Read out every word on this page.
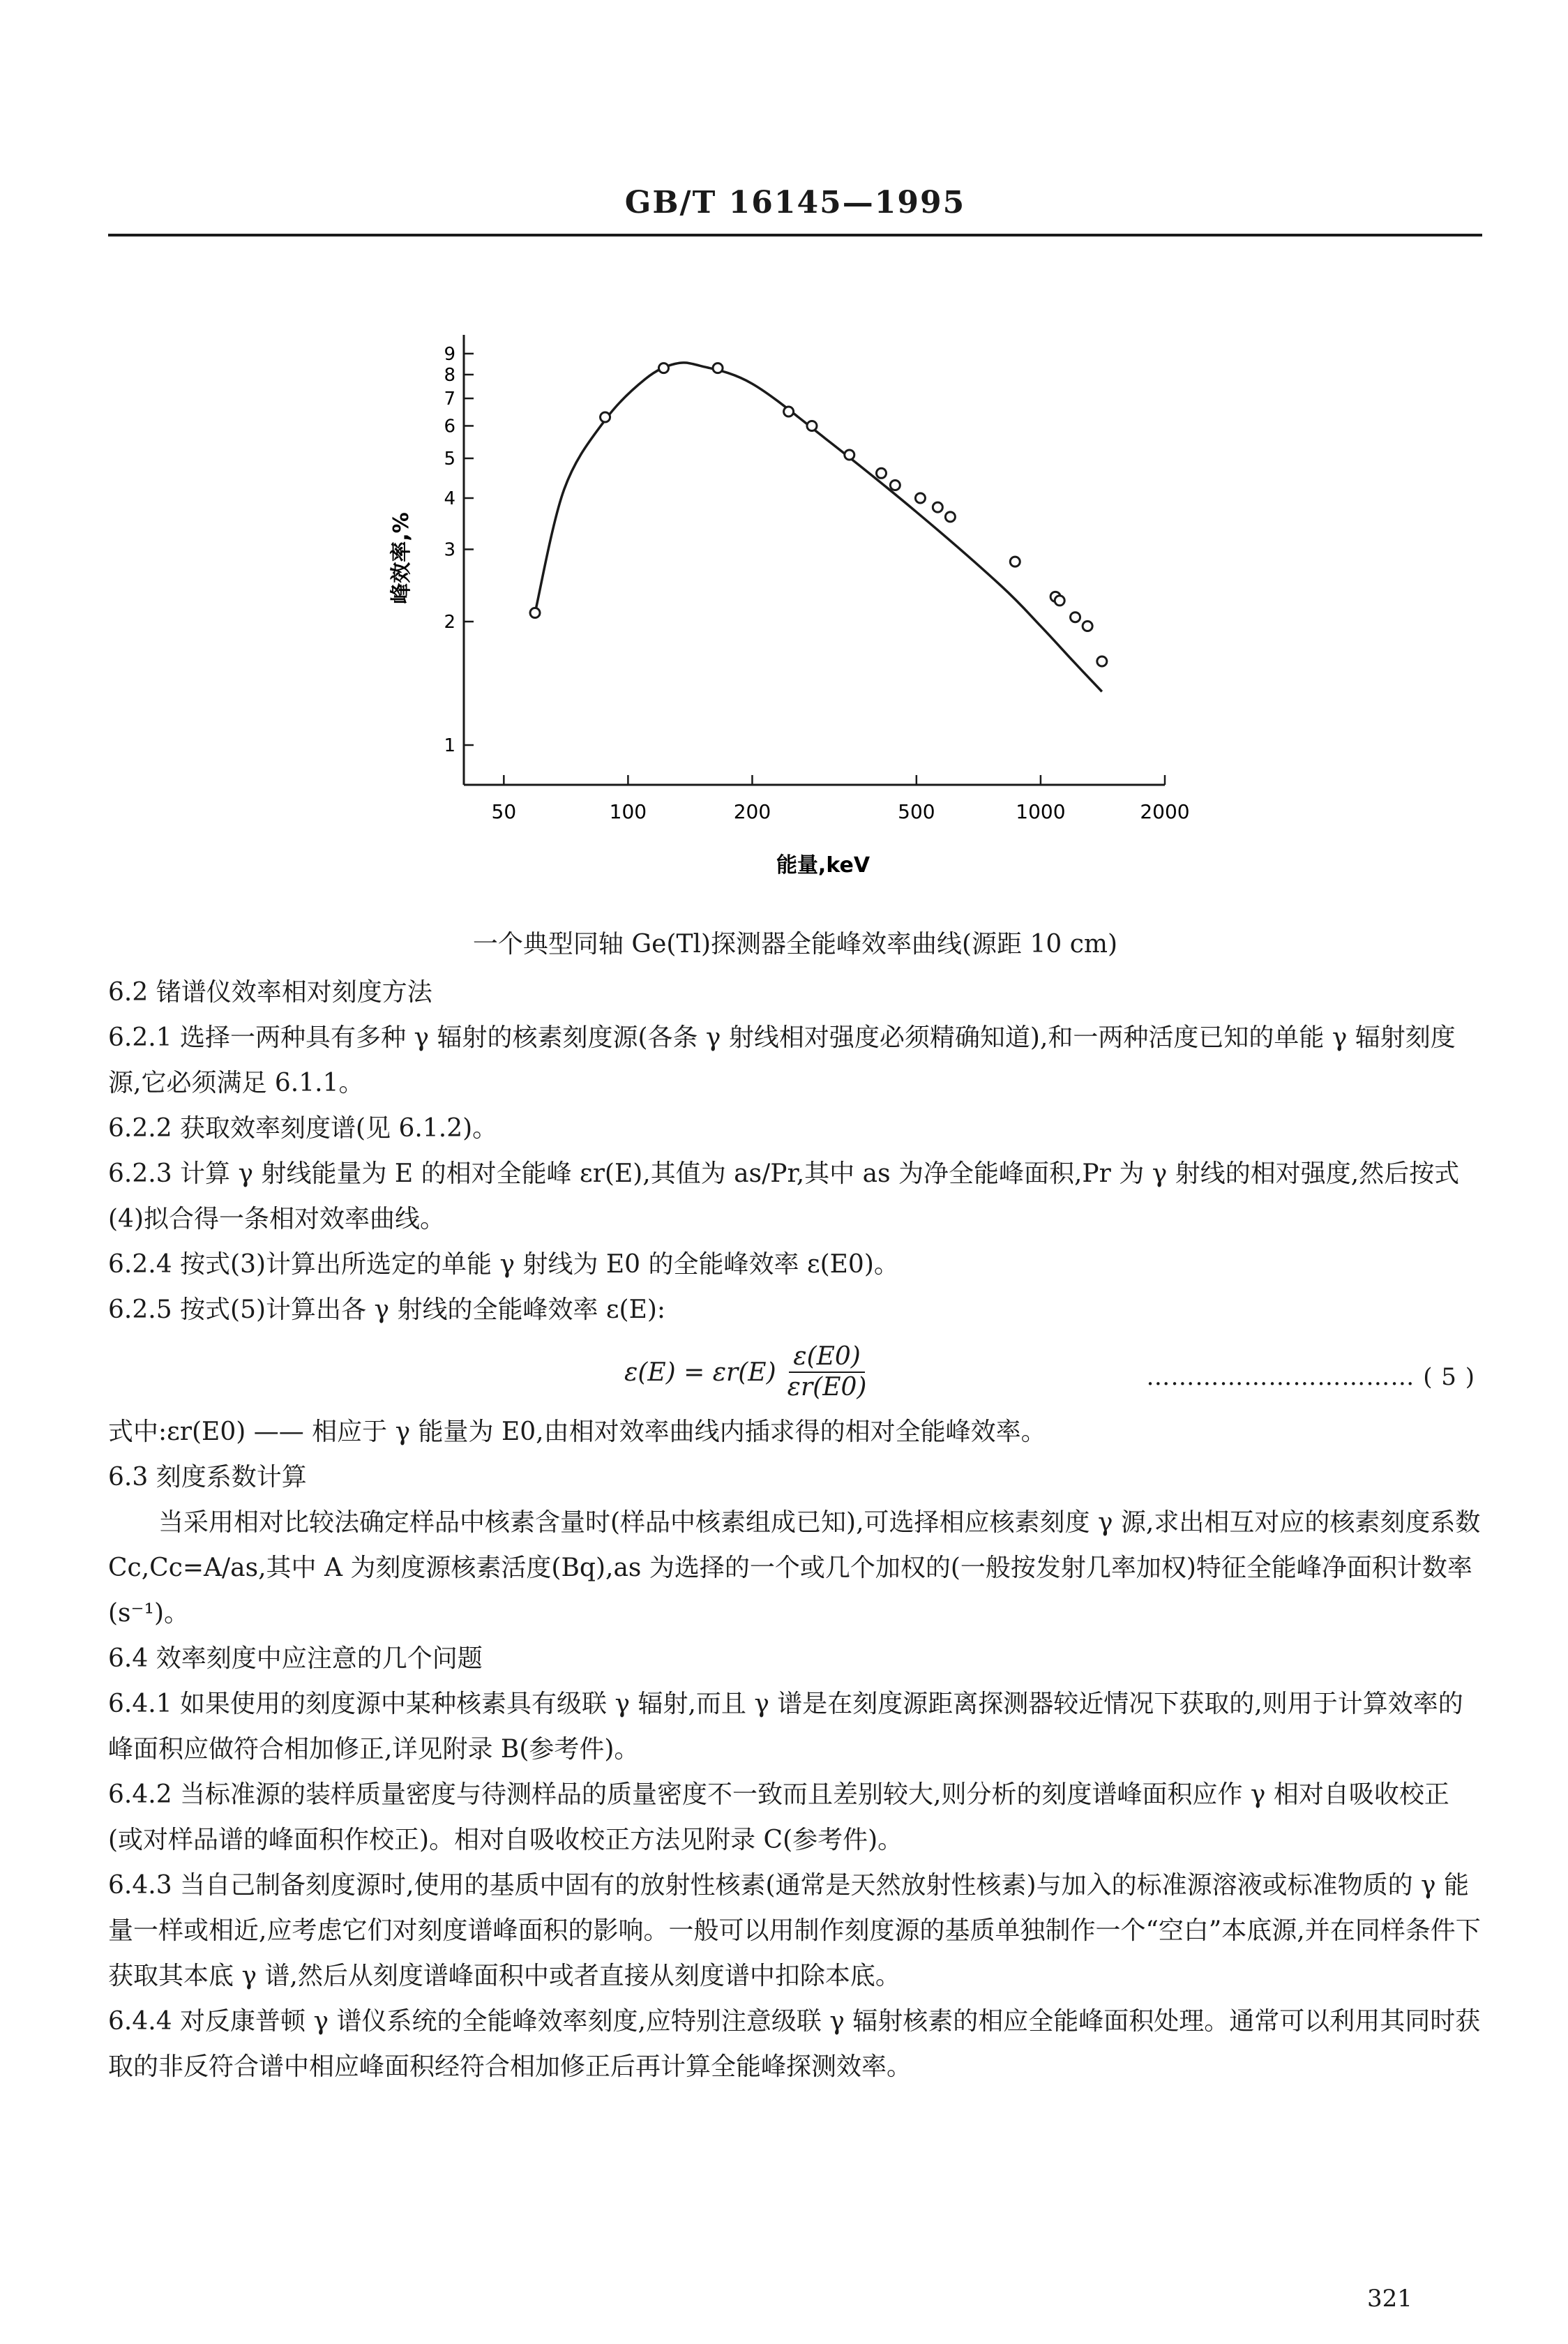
GB/T 16145—1995
50	100	200	500	1000	2000
1
2
3
4
5
6
7
8
9
峰效率,%
能量,keV
一个典型同轴 Ge(Tl)探测器全能峰效率曲线(源距 10 cm)

6.2 锗谱仪效率相对刻度方法

6.2.1 选择一两种具有多种 γ 辐射的核素刻度源(各条 γ 射线相对强度必须精确知道),和一两种活度已知的单能 γ 辐射刻度源,它必须满足 6.1.1。

6.2.2 获取效率刻度谱(见 6.1.2)。

6.2.3 计算 γ 射线能量为 E 的相对全能峰 εr(E),其值为 as/Pr,其中 as 为净全能峰面积,Pr 为 γ 射线的相对强度,然后按式(4)拟合得一条相对效率曲线。

6.2.4 按式(3)计算出所选定的单能 γ 射线为 E0 的全能峰效率 ε(E0)。

6.2.5 按式(5)计算出各 γ 射线的全能峰效率 ε(E):

$\varepsilon(E) = \varepsilon r(E) \frac{\varepsilon(E0)}{\varepsilon r(E0)}$	…………………………… ( 5 )

式中:εr(E0) —— 相应于 γ 能量为 E0,由相对效率曲线内插求得的相对全能峰效率。

6.3 刻度系数计算

当采用相对比较法确定样品中核素含量时(样品中核素组成已知),可选择相应核素刻度 γ 源,求出相互对应的核素刻度系数 Cc,Cc=A/as,其中 A 为刻度源核素活度(Bq),as 为选择的一个或几个加权的(一般按发射几率加权)特征全能峰净面积计数率(s⁻¹)。

6.4 效率刻度中应注意的几个问题

6.4.1 如果使用的刻度源中某种核素具有级联 γ 辐射,而且 γ 谱是在刻度源距离探测器较近情况下获取的,则用于计算效率的峰面积应做符合相加修正,详见附录 B(参考件)。

6.4.2 当标准源的装样质量密度与待测样品的质量密度不一致而且差别较大,则分析的刻度谱峰面积应作 γ 相对自吸收校正(或对样品谱的峰面积作校正)。相对自吸收校正方法见附录 C(参考件)。

6.4.3 当自己制备刻度源时,使用的基质中固有的放射性核素(通常是天然放射性核素)与加入的标准源溶液或标准物质的 γ 能量一样或相近,应考虑它们对刻度谱峰面积的影响。一般可以用制作刻度源的基质单独制作一个“空白”本底源,并在同样条件下获取其本底 γ 谱,然后从刻度谱峰面积中或者直接从刻度谱中扣除本底。

6.4.4 对反康普顿 γ 谱仪系统的全能峰效率刻度,应特别注意级联 γ 辐射核素的相应全能峰面积处理。通常可以利用其同时获取的非反符合谱中相应峰面积经符合相加修正后再计算全能峰探测效率。

321
